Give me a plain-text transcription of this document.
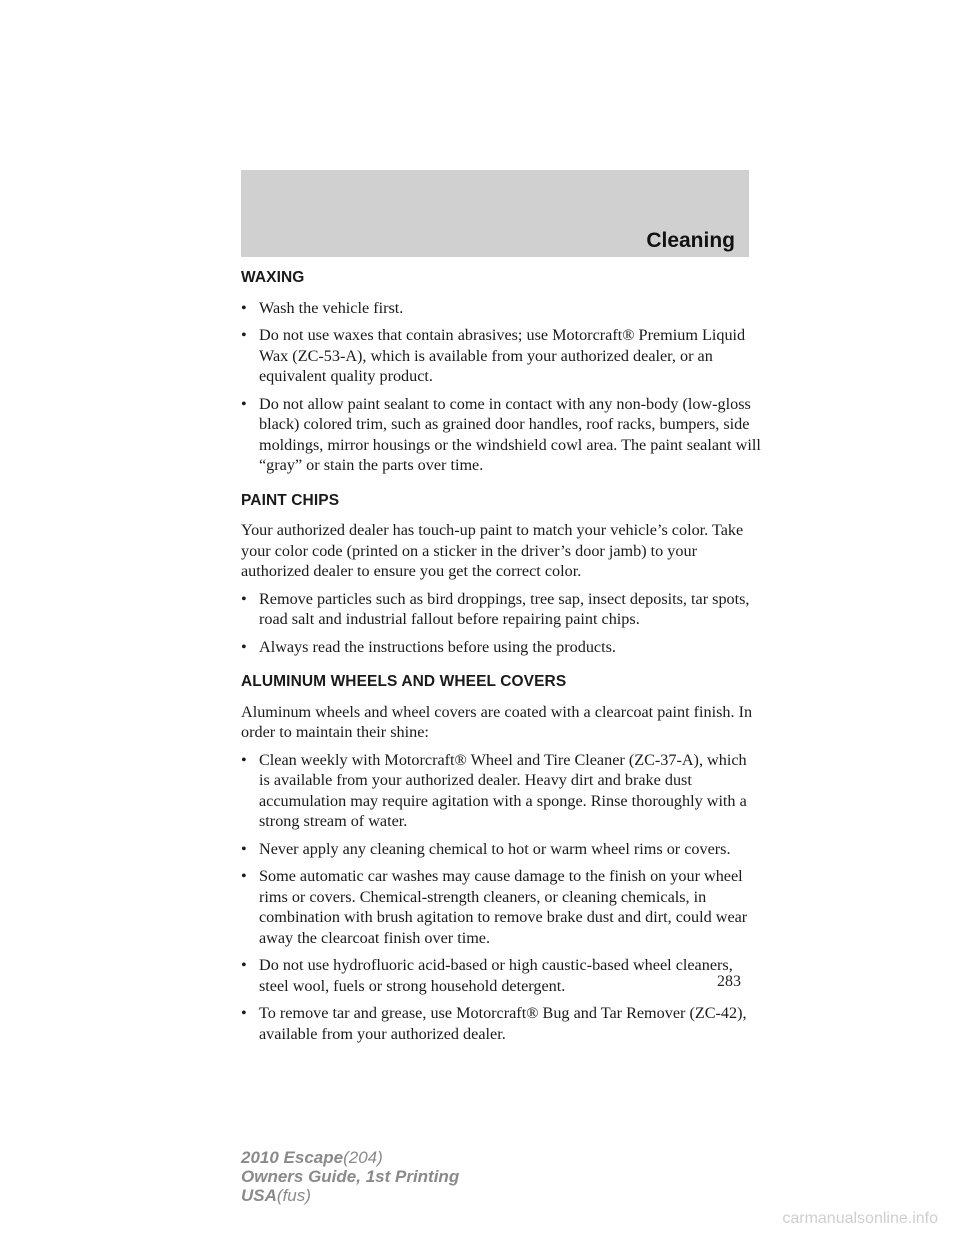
Cleaning
WAXING
• Wash the vehicle first.
• Do not use waxes that contain abrasives; use Motorcraft® Premium Liquid Wax (ZC-53-A), which is available from your authorized dealer, or an equivalent quality product.
• Do not allow paint sealant to come in contact with any non-body (low-gloss black) colored trim, such as grained door handles, roof racks, bumpers, side moldings, mirror housings or the windshield cowl area. The paint sealant will “gray” or stain the parts over time.
PAINT CHIPS

Your authorized dealer has touch-up paint to match your vehicle’s color. Take your color code (printed on a sticker in the driver’s door jamb) to your authorized dealer to ensure you get the correct color.

• Remove particles such as bird droppings, tree sap, insect deposits, tar spots, road salt and industrial fallout before repairing paint chips.
• Always read the instructions before using the products.
ALUMINUM WHEELS AND WHEEL COVERS

Aluminum wheels and wheel covers are coated with a clearcoat paint finish. In order to maintain their shine:

• Clean weekly with Motorcraft® Wheel and Tire Cleaner (ZC-37-A), which is available from your authorized dealer. Heavy dirt and brake dust accumulation may require agitation with a sponge. Rinse thoroughly with a strong stream of water.
• Never apply any cleaning chemical to hot or warm wheel rims or covers.
• Some automatic car washes may cause damage to the finish on your wheel rims or covers. Chemical-strength cleaners, or cleaning chemicals, in combination with brush agitation to remove brake dust and dirt, could wear away the clearcoat finish over time.
• Do not use hydrofluoric acid-based or high caustic-based wheel cleaners, steel wool, fuels or strong household detergent.
• To remove tar and grease, use Motorcraft® Bug and Tar Remover (ZC-42), available from your authorized dealer.
283
2010 Escape(204)
Owners Guide, 1st Printing
USA(fus)
carmanualsonline.info
